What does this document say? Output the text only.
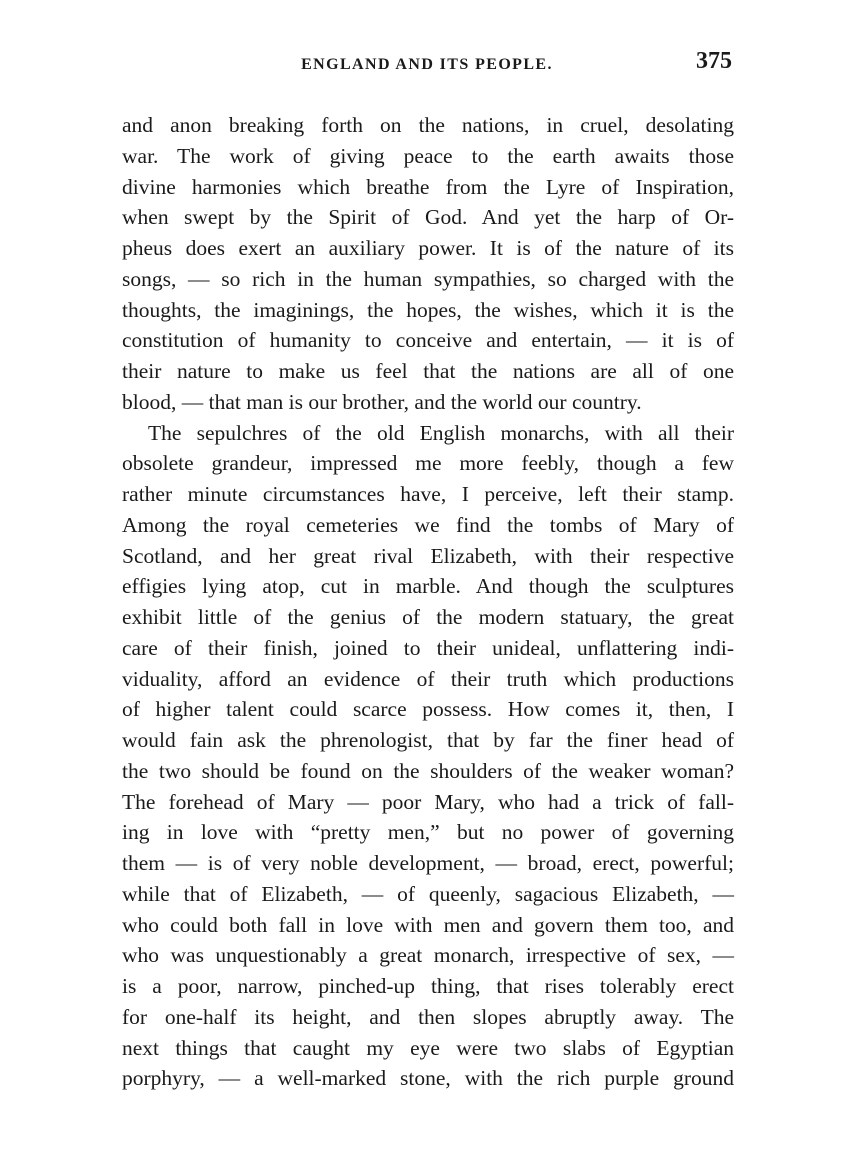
ENGLAND AND ITS PEOPLE.	375
and anon breaking forth on the nations, in cruel, desolating
war. The work of giving peace to the earth awaits those
divine harmonies which breathe from the Lyre of Inspiration,
when swept by the Spirit of God. And yet the harp of Or-
pheus does exert an auxiliary power. It is of the nature of its
songs, — so rich in the human sympathies, so charged with the
thoughts, the imaginings, the hopes, the wishes, which it is the
constitution of humanity to conceive and entertain, — it is of
their nature to make us feel that the nations are all of one
blood, — that man is our brother, and the world our country.
The sepulchres of the old English monarchs, with all their
obsolete grandeur, impressed me more feebly, though a few
rather minute circumstances have, I perceive, left their stamp.
Among the royal cemeteries we find the tombs of Mary of
Scotland, and her great rival Elizabeth, with their respective
effigies lying atop, cut in marble. And though the sculptures
exhibit little of the genius of the modern statuary, the great
care of their finish, joined to their unideal, unflattering indi-
viduality, afford an evidence of their truth which productions
of higher talent could scarce possess. How comes it, then, I
would fain ask the phrenologist, that by far the finer head of
the two should be found on the shoulders of the weaker woman?
The forehead of Mary — poor Mary, who had a trick of fall-
ing in love with “pretty men,” but no power of governing
them — is of very noble development, — broad, erect, powerful;
while that of Elizabeth, — of queenly, sagacious Elizabeth, —
who could both fall in love with men and govern them too, and
who was unquestionably a great monarch, irrespective of sex, —
is a poor, narrow, pinched-up thing, that rises tolerably erect
for one-half its height, and then slopes abruptly away. The
next things that caught my eye were two slabs of Egyptian
porphyry, — a well-marked stone, with the rich purple ground
